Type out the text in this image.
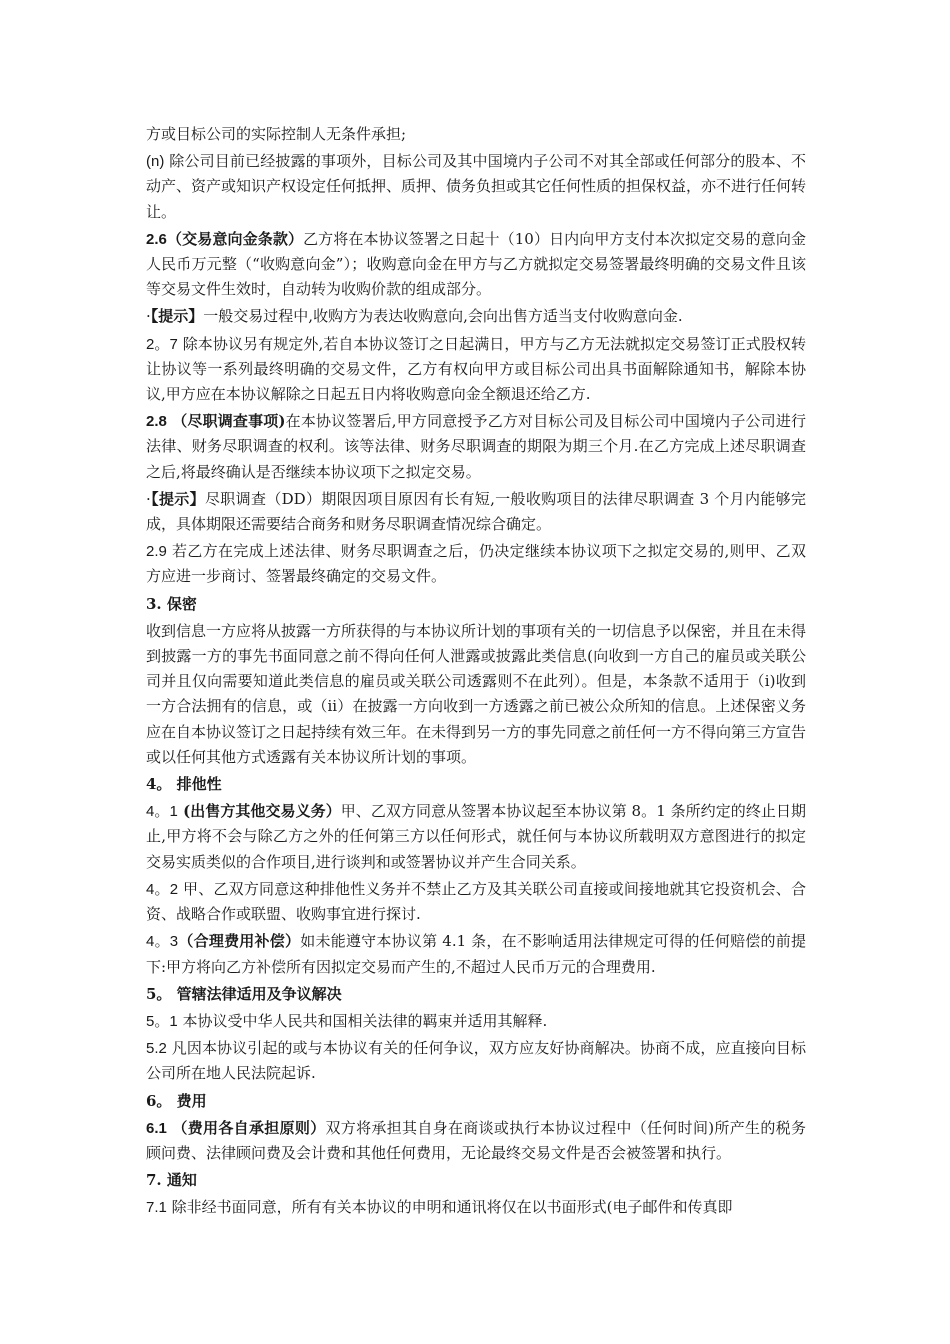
方或目标公司的实际控制人无条件承担;

(n) 除公司目前已经披露的事项外，目标公司及其中国境内子公司不对其全部或任何部分的股本、不动产、资产或知识产权设定任何抵押、质押、债务负担或其它任何性质的担保权益，亦不进行任何转让。

2.6（交易意向金条款）乙方将在本协议签署之日起十（10）日内向甲方支付本次拟定交易的意向金人民币万元整（“收购意向金”）；收购意向金在甲方与乙方就拟定交易签署最终明确的交易文件且该等交易文件生效时，自动转为收购价款的组成部分。

·【提示】一般交易过程中,收购方为表达收购意向,会向出售方适当支付收购意向金.

2。7 除本协议另有规定外,若自本协议签订之日起满日，甲方与乙方无法就拟定交易签订正式股权转让协议等一系列最终明确的交易文件，乙方有权向甲方或目标公司出具书面解除通知书，解除本协议,甲方应在本协议解除之日起五日内将收购意向金全额退还给乙方.

2.8 （尽职调查事项)在本协议签署后,甲方同意授予乙方对目标公司及目标公司中国境内子公司进行法律、财务尽职调查的权利。该等法律、财务尽职调查的期限为期三个月.在乙方完成上述尽职调查之后,将最终确认是否继续本协议项下之拟定交易。

·【提示】尽职调查（DD）期限因项目原因有长有短,一般收购项目的法律尽职调查 3 个月内能够完成，具体期限还需要结合商务和财务尽职调查情况综合确定。

2.9 若乙方在完成上述法律、财务尽职调查之后，仍决定继续本协议项下之拟定交易的,则甲、乙双方应进一步商讨、签署最终确定的交易文件。

3. 保密

收到信息一方应将从披露一方所获得的与本协议所计划的事项有关的一切信息予以保密，并且在未得到披露一方的事先书面同意之前不得向任何人泄露或披露此类信息(向收到一方自己的雇员或关联公司并且仅向需要知道此类信息的雇员或关联公司透露则不在此列）。但是，本条款不适用于（i)收到一方合法拥有的信息，或（ii）在披露一方向收到一方透露之前已被公众所知的信息。上述保密义务应在自本协议签订之日起持续有效三年。在未得到另一方的事先同意之前任何一方不得向第三方宣告或以任何其他方式透露有关本协议所计划的事项。

4。 排他性

4。1 (出售方其他交易义务）甲、乙双方同意从签署本协议起至本协议第 8。1 条所约定的终止日期止,甲方将不会与除乙方之外的任何第三方以任何形式，就任何与本协议所载明双方意图进行的拟定交易实质类似的合作项目,进行谈判和或签署协议并产生合同关系。

4。2 甲、乙双方同意这种排他性义务并不禁止乙方及其关联公司直接或间接地就其它投资机会、合资、战略合作或联盟、收购事宜进行探讨.

4。3（合理费用补偿）如未能遵守本协议第 4.1 条，在不影响适用法律规定可得的任何赔偿的前提下:甲方将向乙方补偿所有因拟定交易而产生的,不超过人民币万元的合理费用.

5。 管辖法律适用及争议解决

5。1 本协议受中华人民共和国相关法律的羁束并适用其解释.

5.2 凡因本协议引起的或与本协议有关的任何争议，双方应友好协商解决。协商不成，应直接向目标公司所在地人民法院起诉.

6。 费用

6.1 （费用各自承担原则）双方将承担其自身在商谈或执行本协议过程中（任何时间)所产生的税务顾问费、法律顾问费及会计费和其他任何费用，无论最终交易文件是否会被签署和执行。

7. 通知

7.1 除非经书面同意，所有有关本协议的申明和通讯将仅在以书面形式(电子邮件和传真即
